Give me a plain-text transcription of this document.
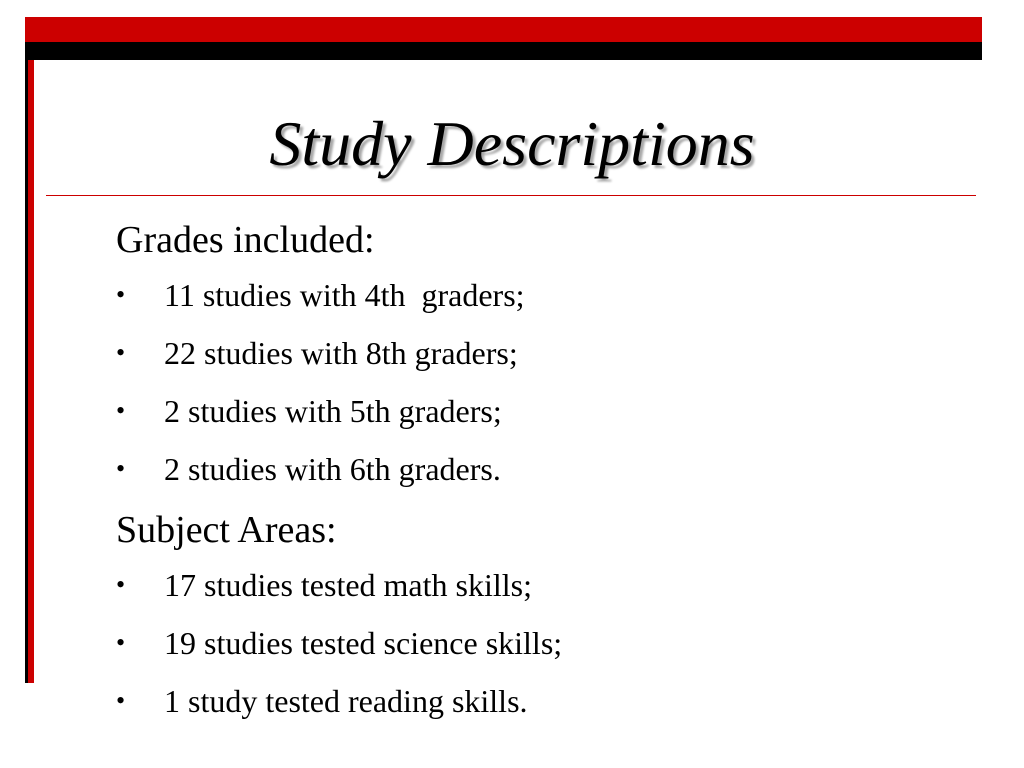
Study Descriptions

Grades included:

•

11 studies with 4th  graders;

•

22 studies with 8th graders;

•

2 studies with 5th graders;

•

2 studies with 6th graders.

Subject Areas:

•

17 studies tested math skills;

•

19 studies tested science skills;

•

1 study tested reading skills.
